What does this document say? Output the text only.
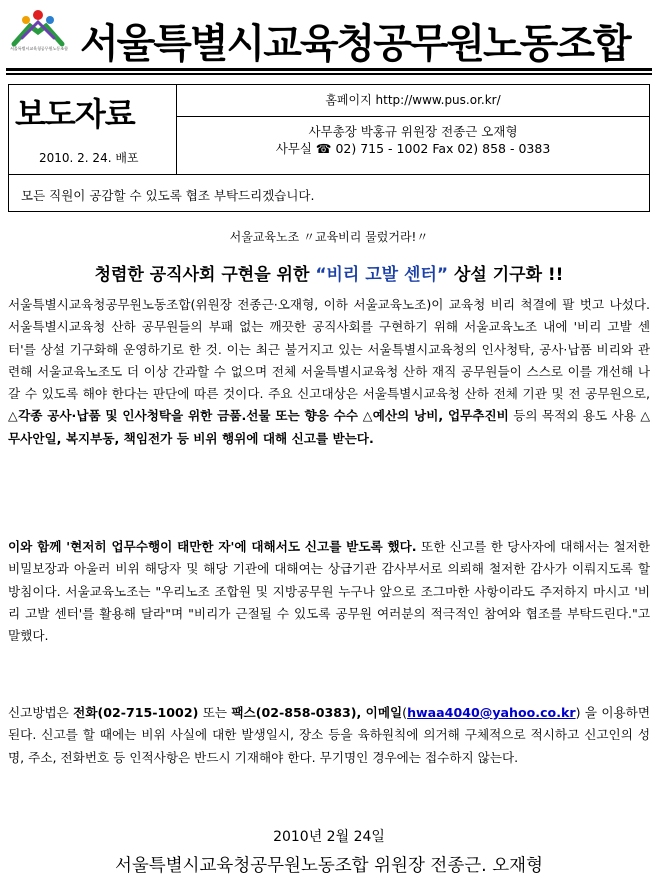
서울특별시교육청공무원노동조합 서울특별시교육청공무원노동조합
보도자료
2010. 2. 24. 배포
홈페이지 http://www.pus.or.kr/
사무총장 박홍규 위원장 전종근 오재형
사무실 ☎ 02) 715 - 1002 Fax 02) 858 - 0383
모든 직원이 공감할 수 있도록 협조 부탁드리겠습니다.
서울교육노조 〃교육비리 물렀거라!〃
청렴한 공직사회 구현을 위한 “비리 고발 센터” 상설 기구화 !!
서울특별시교육청공무원노동조합(위원장 전종근·오재형, 이하 서울교육노조)이 교육청 비리 척결에 팔 벗고 나섰다. 서울특별시교육청 산하 공무원들의 부패 없는 깨끗한 공직사회를 구현하기 위해 서울교육노조 내에 '비리 고발 센터'를 상설 기구화해 운영하기로 한 것. 이는 최근 불거지고 있는 서울특별시교육청의 인사청탁, 공사·납품 비리와 관련해 서울교육노조도 더 이상 간과할 수 없으며 전체 서울특별시교육청 산하 재직 공무원들이 스스로 이를 개선해 나갈 수 있도록 해야 한다는 판단에 따른 것이다. 주요 신고대상은 서울특별시교육청 산하 전체 기관 및 전 공무원으로, △각종 공사·납품 및 인사청탁을 위한 금품.선물 또는 향응 수수 △예산의 낭비, 업무추진비 등의 목적외 용도 사용 △무사안일, 복지부동, 책임전가 등 비위 행위에 대해 신고를 받는다.
이와 함께 '현저히 업무수행이 태만한 자'에 대해서도 신고를 받도록 했다. 또한 신고를 한 당사자에 대해서는 철저한 비밀보장과 아울러 비위 해당자 및 해당 기관에 대해여는 상급기관 감사부서로 의뢰해 철저한 감사가 이뤄지도록 할 방침이다. 서울교육노조는 "우리노조 조합원 및 지방공무원 누구나 앞으로 조그마한 사항이라도 주저하지 마시고 '비리 고발 센터'를 활용해 달라"며 "비리가 근절될 수 있도록 공무원 여러분의 적극적인 참여와 협조를 부탁드린다."고 말했다.
신고방법은 전화(02-715-1002) 또는 팩스(02-858-0383), 이메일(hwaa4040@yahoo.co.kr) 을 이용하면 된다. 신고를 할 때에는 비위 사실에 대한 발생일시, 장소 등을 육하원칙에 의거해 구체적으로 적시하고 신고인의 성명, 주소, 전화번호 등 인적사항은 반드시 기재해야 한다. 무기명인 경우에는 접수하지 않는다.
2010년 2월 24일
서울특별시교육청공무원노동조합 위원장 전종근. 오재형
